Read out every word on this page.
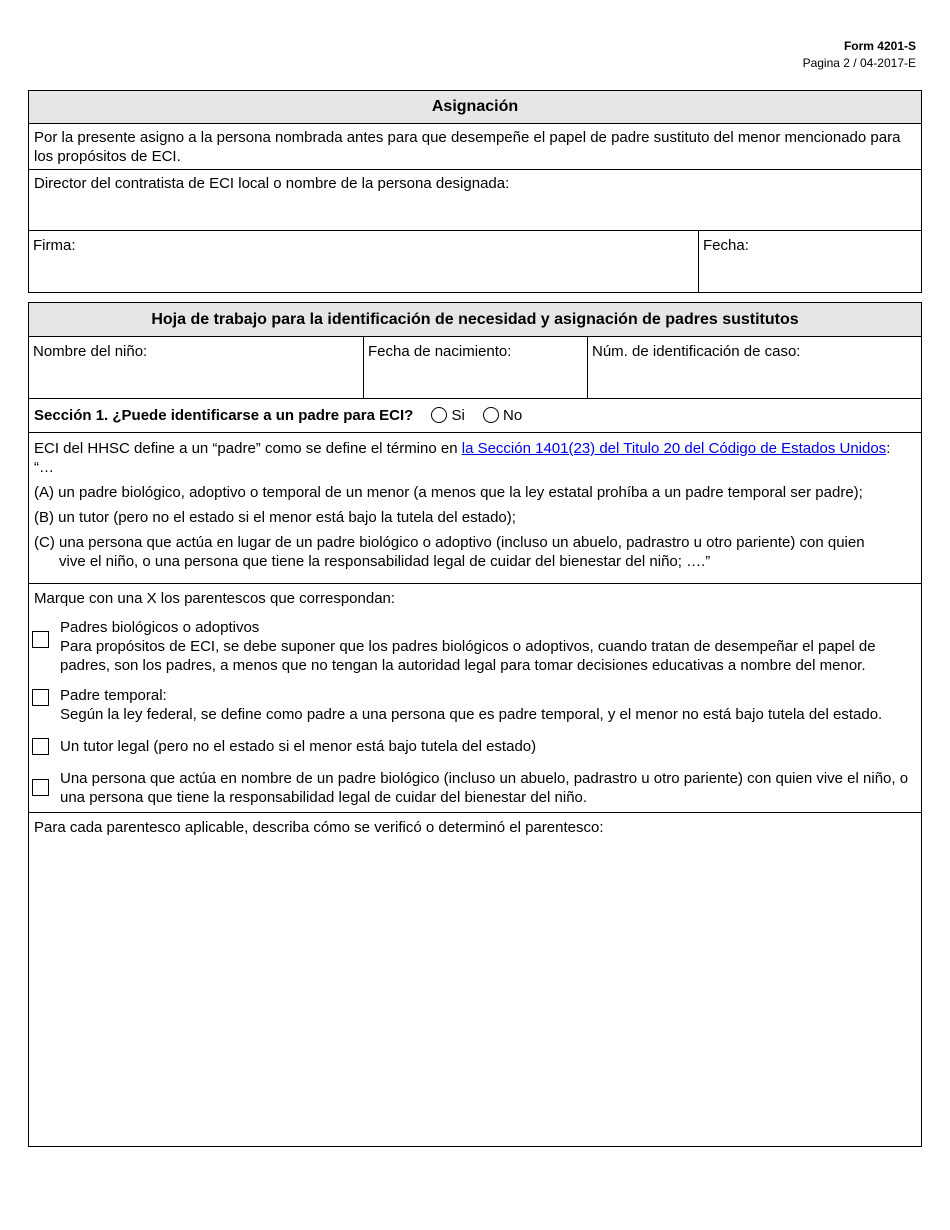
Form 4201-S
Pagina 2 / 04-2017-E
Asignación
Por la presente asigno a la persona nombrada antes para que desempeñe el papel de padre sustituto del menor mencionado para los propósitos de ECI.
Director del contratista de ECI local o nombre de la persona designada:
Firma:	Fecha:
Hoja de trabajo para la identificación de necesidad y asignación de padres sustitutos
Nombre del niño:	Fecha de nacimiento:	Núm. de identificación de caso:
Sección 1. ¿Puede identificarse a un padre para ECI?	Si	No

ECI del HHSC define a un “padre” como se define el término en la Sección 1401(23) del Titulo 20 del Código de Estados Unidos:

“…

(A) un padre biológico, adoptivo o temporal de un menor (a menos que la ley estatal prohíba a un padre temporal ser padre);

(B) un tutor (pero no el estado si el menor está bajo la tutela del estado);

(C) una persona que actúa en lugar de un padre biológico o adoptivo (incluso un abuelo, padrastro u otro pariente) con quien

vive el niño, o una persona que tiene la responsabilidad legal de cuidar del bienestar del niño; ….”

Marque con una X los parentescos que correspondan:

Padres biológicos o adoptivos

Para propósitos de ECI, se debe suponer que los padres biológicos o adoptivos, cuando tratan de desempeñar el papel de padres, son los padres, a menos que no tengan la autoridad legal para tomar decisiones educativas a nombre del menor.

Padre temporal:

Según la ley federal, se define como padre a una persona que es padre temporal, y el menor no está bajo tutela del estado.

Un tutor legal (pero no el estado si el menor está bajo tutela del estado)

Una persona que actúa en nombre de un padre biológico (incluso un abuelo, padrastro u otro pariente) con quien vive el niño, o una persona que tiene la responsabilidad legal de cuidar del bienestar del niño.

Para cada parentesco aplicable, describa cómo se verificó o determinó el parentesco:
